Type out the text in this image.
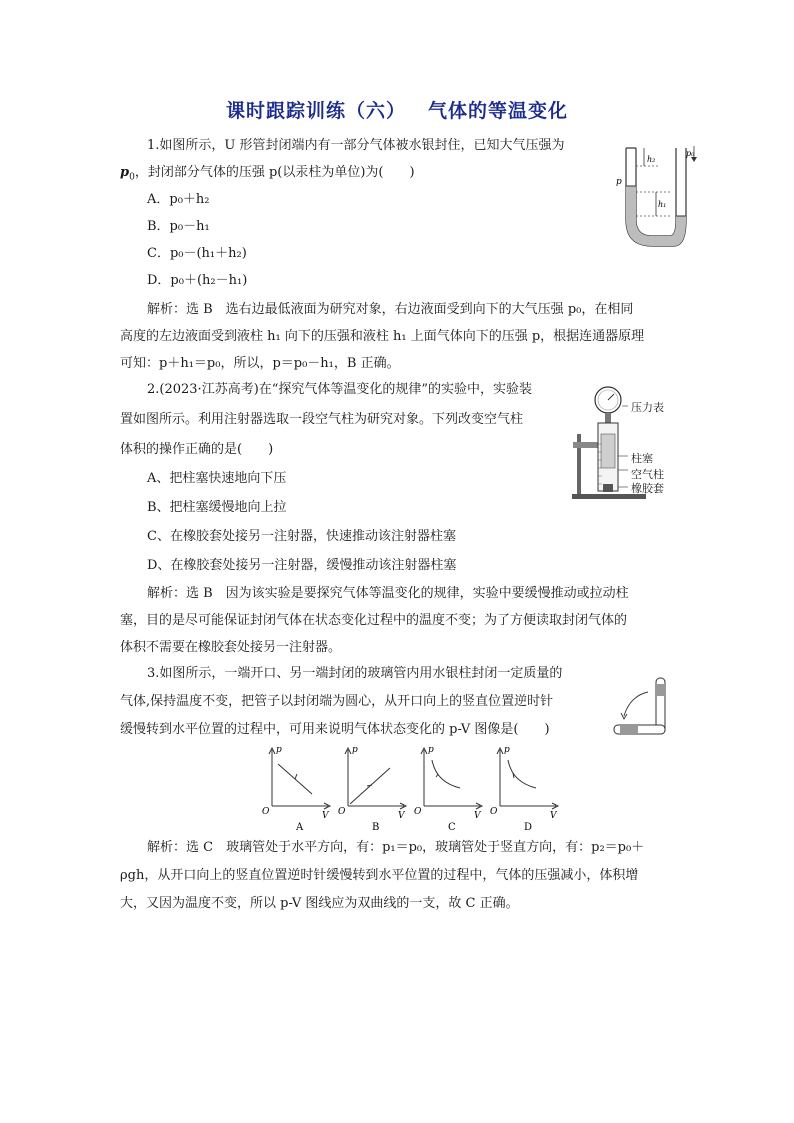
课时跟踪训练（六） 气体的等温变化
1.如图所示，U 形管封闭端内有一部分气体被水银封住，已知大气压强为
$p_0$，封闭部分气体的压强 p(以汞柱为单位)为(　　)
A．p₀＋h₂
B．p₀－h₁
C．p₀－(h₁＋h₂)
D．p₀＋(h₂－h₁)
解析：选 B　选右边最低液面为研究对象，右边液面受到向下的大气压强 p₀，在相同
高度的左边液面受到液柱 h₁ 向下的压强和液柱 h₁ 上面气体向下的压强 p，根据连通器原理
可知：p＋h₁＝p₀，所以，p＝p₀－h₁，B 正确。
h₂
h₁
p
p₀
2.(2023·江苏高考)在“探究气体等温变化的规律”的实验中，实验装
置如图所示。利用注射器选取一段空气柱为研究对象。下列改变空气柱
体积的操作正确的是(　　)
A、把柱塞快速地向下压
B、把柱塞缓慢地向上拉
C、在橡胶套处接另一注射器，快速推动该注射器柱塞
D、在橡胶套处接另一注射器，缓慢推动该注射器柱塞
解析：选 B　因为该实验是要探究气体等温变化的规律，实验中要缓慢推动或拉动柱
塞，目的是尽可能保证封闭气体在状态变化过程中的温度不变；为了方便读取封闭气体的
体积不需要在橡胶套处接另一注射器。
压力表
柱塞
空气柱
橡胶套
3.如图所示，一端开口、另一端封闭的玻璃管内用水银柱封闭一定质量的
气体,保持温度不变，把管子以封闭端为圆心，从开口向上的竖直位置逆时针
缓慢转到水平位置的过程中，可用来说明气体状态变化的 p-V 图像是(　　)
p
V
O
A
p
V
O
B
p
V
O
C
p
V
O
D
解析：选 C　玻璃管处于水平方向，有：p₁＝p₀，玻璃管处于竖直方向，有：p₂＝p₀＋
ρgh，从开口向上的竖直位置逆时针缓慢转到水平位置的过程中，气体的压强减小，体积增
大，又因为温度不变，所以 p-V 图线应为双曲线的一支，故 C 正确。
